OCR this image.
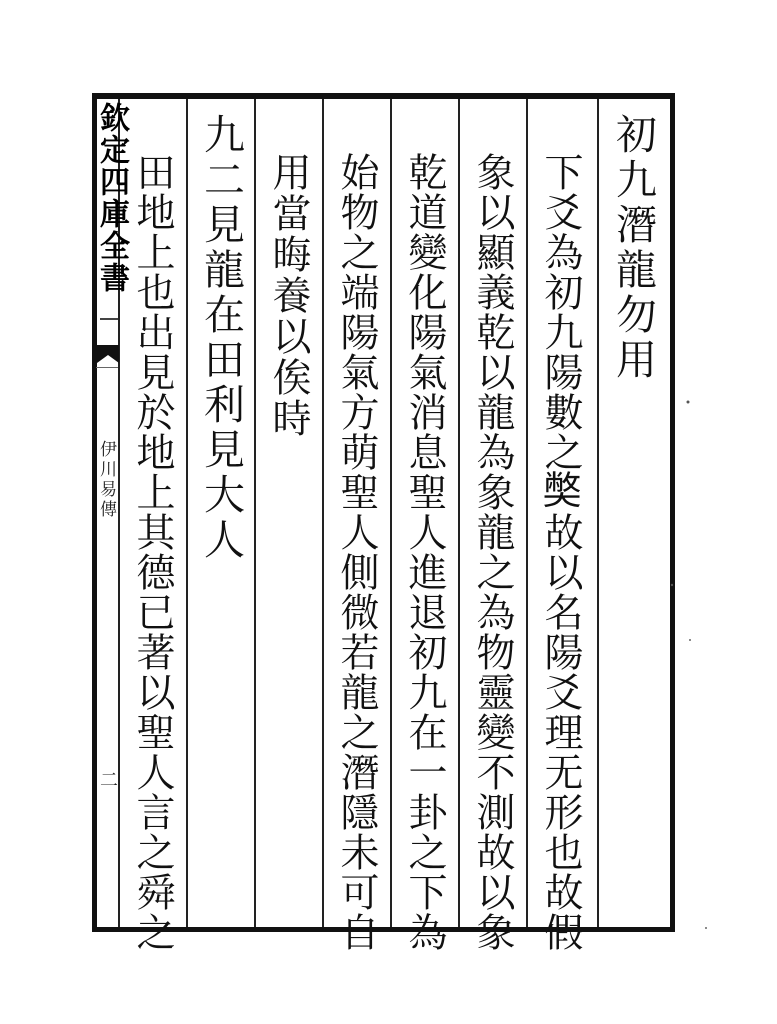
欽定四庫全書
伊川易傳
二
初九潛龍勿用
下爻為初九陽數之𡚁故以名陽爻理无形也故假
象以顯義乾以龍為象龍之為物靈變不測故以象
乾道變化陽氣消息聖人進退初九在一卦之下為
始物之端陽氣方萌聖人側微若龍之潛隱未可自
用當晦養以俟時
九二見龍在田利見大人
田地上也出見於地上其德已著以聖人言之舜之
